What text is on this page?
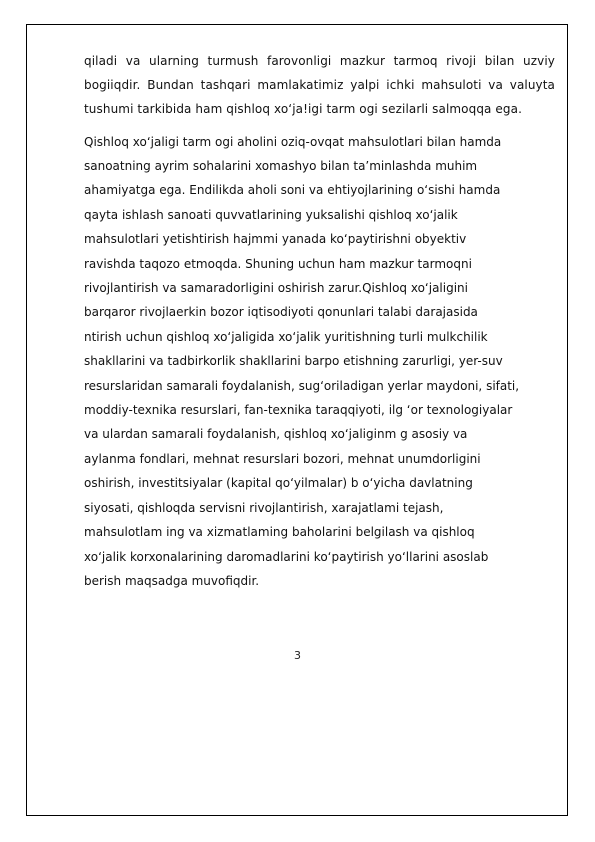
qiladi va ularning turmush farovonligi mazkur tarmoq rivoji bilan uzviy bogiiqdir. Bundan tashqari mamlakatimiz yalpi ichki mahsuloti va valuyta tushumi tarkibida ham qishloq xo‘ja!igi tarm ogi sezilarli salmoqqa ega.

Qishloq xo‘jaligi tarm ogi aholini oziq-ovqat mahsulotlari bilan hamda
sanoatning ayrim sohalarini xomashyo bilan ta’minlashda muhim
ahamiyatga ega. Endilikda aholi soni va ehtiyojlarining o‘sishi hamda
qayta ishlash sanoati quvvatlarining yuksalishi qishloq xo‘jalik
mahsulotlari yetishtirish hajmmi yanada ko‘paytirishni obyektiv
ravishda taqozo etmoqda. Shuning uchun ham mazkur tarmoqni
rivojlantirish va samaradorligini oshirish zarur.Qishloq xo‘jaligini
barqaror rivojlaerkin bozor iqtisodiyoti qonunlari talabi darajasida
ntirish uchun qishloq xo‘jaligida xo‘jalik yuritishning turli mulkchilik
shakllarini va tadbirkorlik shakllarini barpo etishning zarurligi, yer-suv
resurslaridan samarali foydalanish, sug‘oriladigan yerlar maydoni, sifati,
moddiy-texnika resurslari, fan-texnika taraqqiyoti, ilg ‘or texnologiyalar
va ulardan samarali foydalanish, qishloq xo‘jaliginm g asosiy va
aylanma fondlari, mehnat resurslari bozori, mehnat unumdorligini
oshirish, investitsiyalar (kapital qo‘yilmalar) b o‘yicha davlatning
siyosati, qishloqda servisni rivojlantirish, xarajatlami tejash,
mahsulotlam ing va xizmatlaming baholarini belgilash va qishloq
xo‘jalik korxonalarining daromadlarini ko‘paytirish yo‘llarini asoslab
berish maqsadga muvofiqdir.
3
